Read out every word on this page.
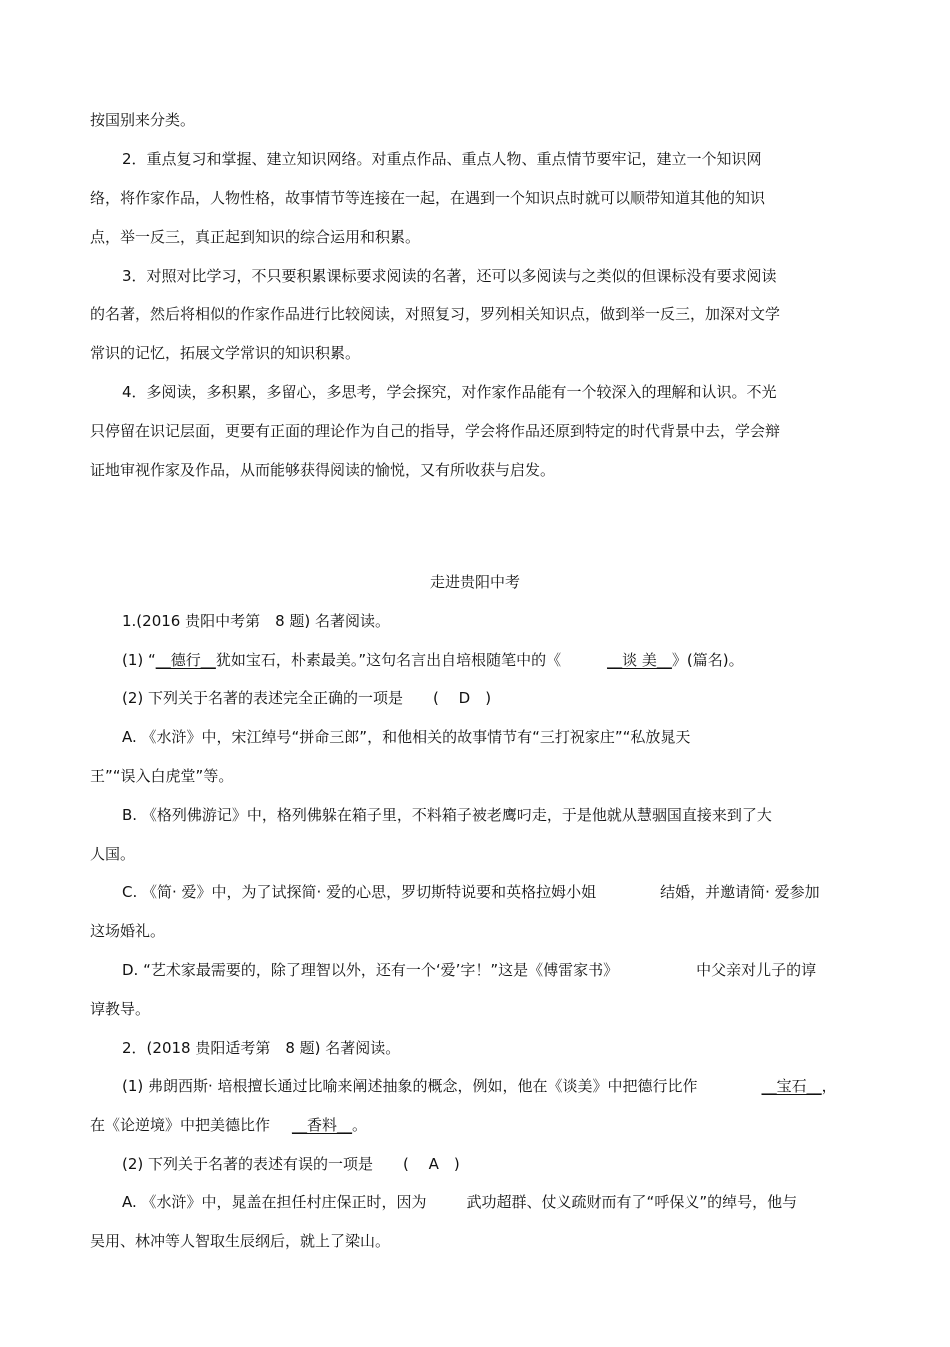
按国别来分类。
2．重点复习和掌握、建立知识网络。对重点作品、重点人物、重点情节要牢记，建立一个知识网
络，将作家作品，人物性格，故事情节等连接在一起，在遇到一个知识点时就可以顺带知道其他的知识
点，举一反三，真正起到知识的综合运用和积累。
3．对照对比学习，不只要积累课标要求阅读的名著，还可以多阅读与之类似的但课标没有要求阅读
的名著，然后将相似的作家作品进行比较阅读，对照复习，罗列相关知识点，做到举一反三，加深对文学
常识的记忆，拓展文学常识的知识积累。
4．多阅读，多积累，多留心，多思考，学会探究，对作家作品能有一个较深入的理解和认识。不光
只停留在识记层面，更要有正面的理论作为自己的指导，学会将作品还原到特定的时代背景中去，学会辩
证地审视作家及作品，从而能够获得阅读的愉悦，又有所收获与启发。
走进贵阳中考
1.(2016 贵阳中考第　8 题) 名著阅读。
(1) “__德行__犹如宝石，朴素最美。”这句名言出自培根随笔中的《	__谈 美__》(篇名)。
(2) 下列关于名著的表述完全正确的一项是　　(　 D　)
A. 《水浒》中，宋江绰号“拼命三郎”，和他相关的故事情节有“三打祝家庄”“私放晁天
王”“误入白虎堂”等。
B. 《格列佛游记》中，格列佛躲在箱子里，不料箱子被老鹰叼走，于是他就从慧骃国直接来到了大
人国。
C. 《简· 爱》中，为了试探简· 爱的心思，罗切斯特说要和英格拉姆小姐	结婚，并邀请简· 爱参加
这场婚礼。
D. “艺术家最需要的，除了理智以外，还有一个‘爱’字！”这是《傅雷家书》	中父亲对儿子的谆
谆教导。
2．(2018 贵阳适考第　8 题) 名著阅读。
(1) 弗朗西斯· 培根擅长通过比喻来阐述抽象的概念，例如，他在《谈美》中把德行比作	__宝石__，
在《论逆境》中把美德比作 __香料__。
(2) 下列关于名著的表述有误的一项是　　(　 A　)
A. 《水浒》中，晁盖在担任村庄保正时，因为	武功超群、仗义疏财而有了“呼保义”的绰号，他与
吴用、林冲等人智取生辰纲后，就上了梁山。
